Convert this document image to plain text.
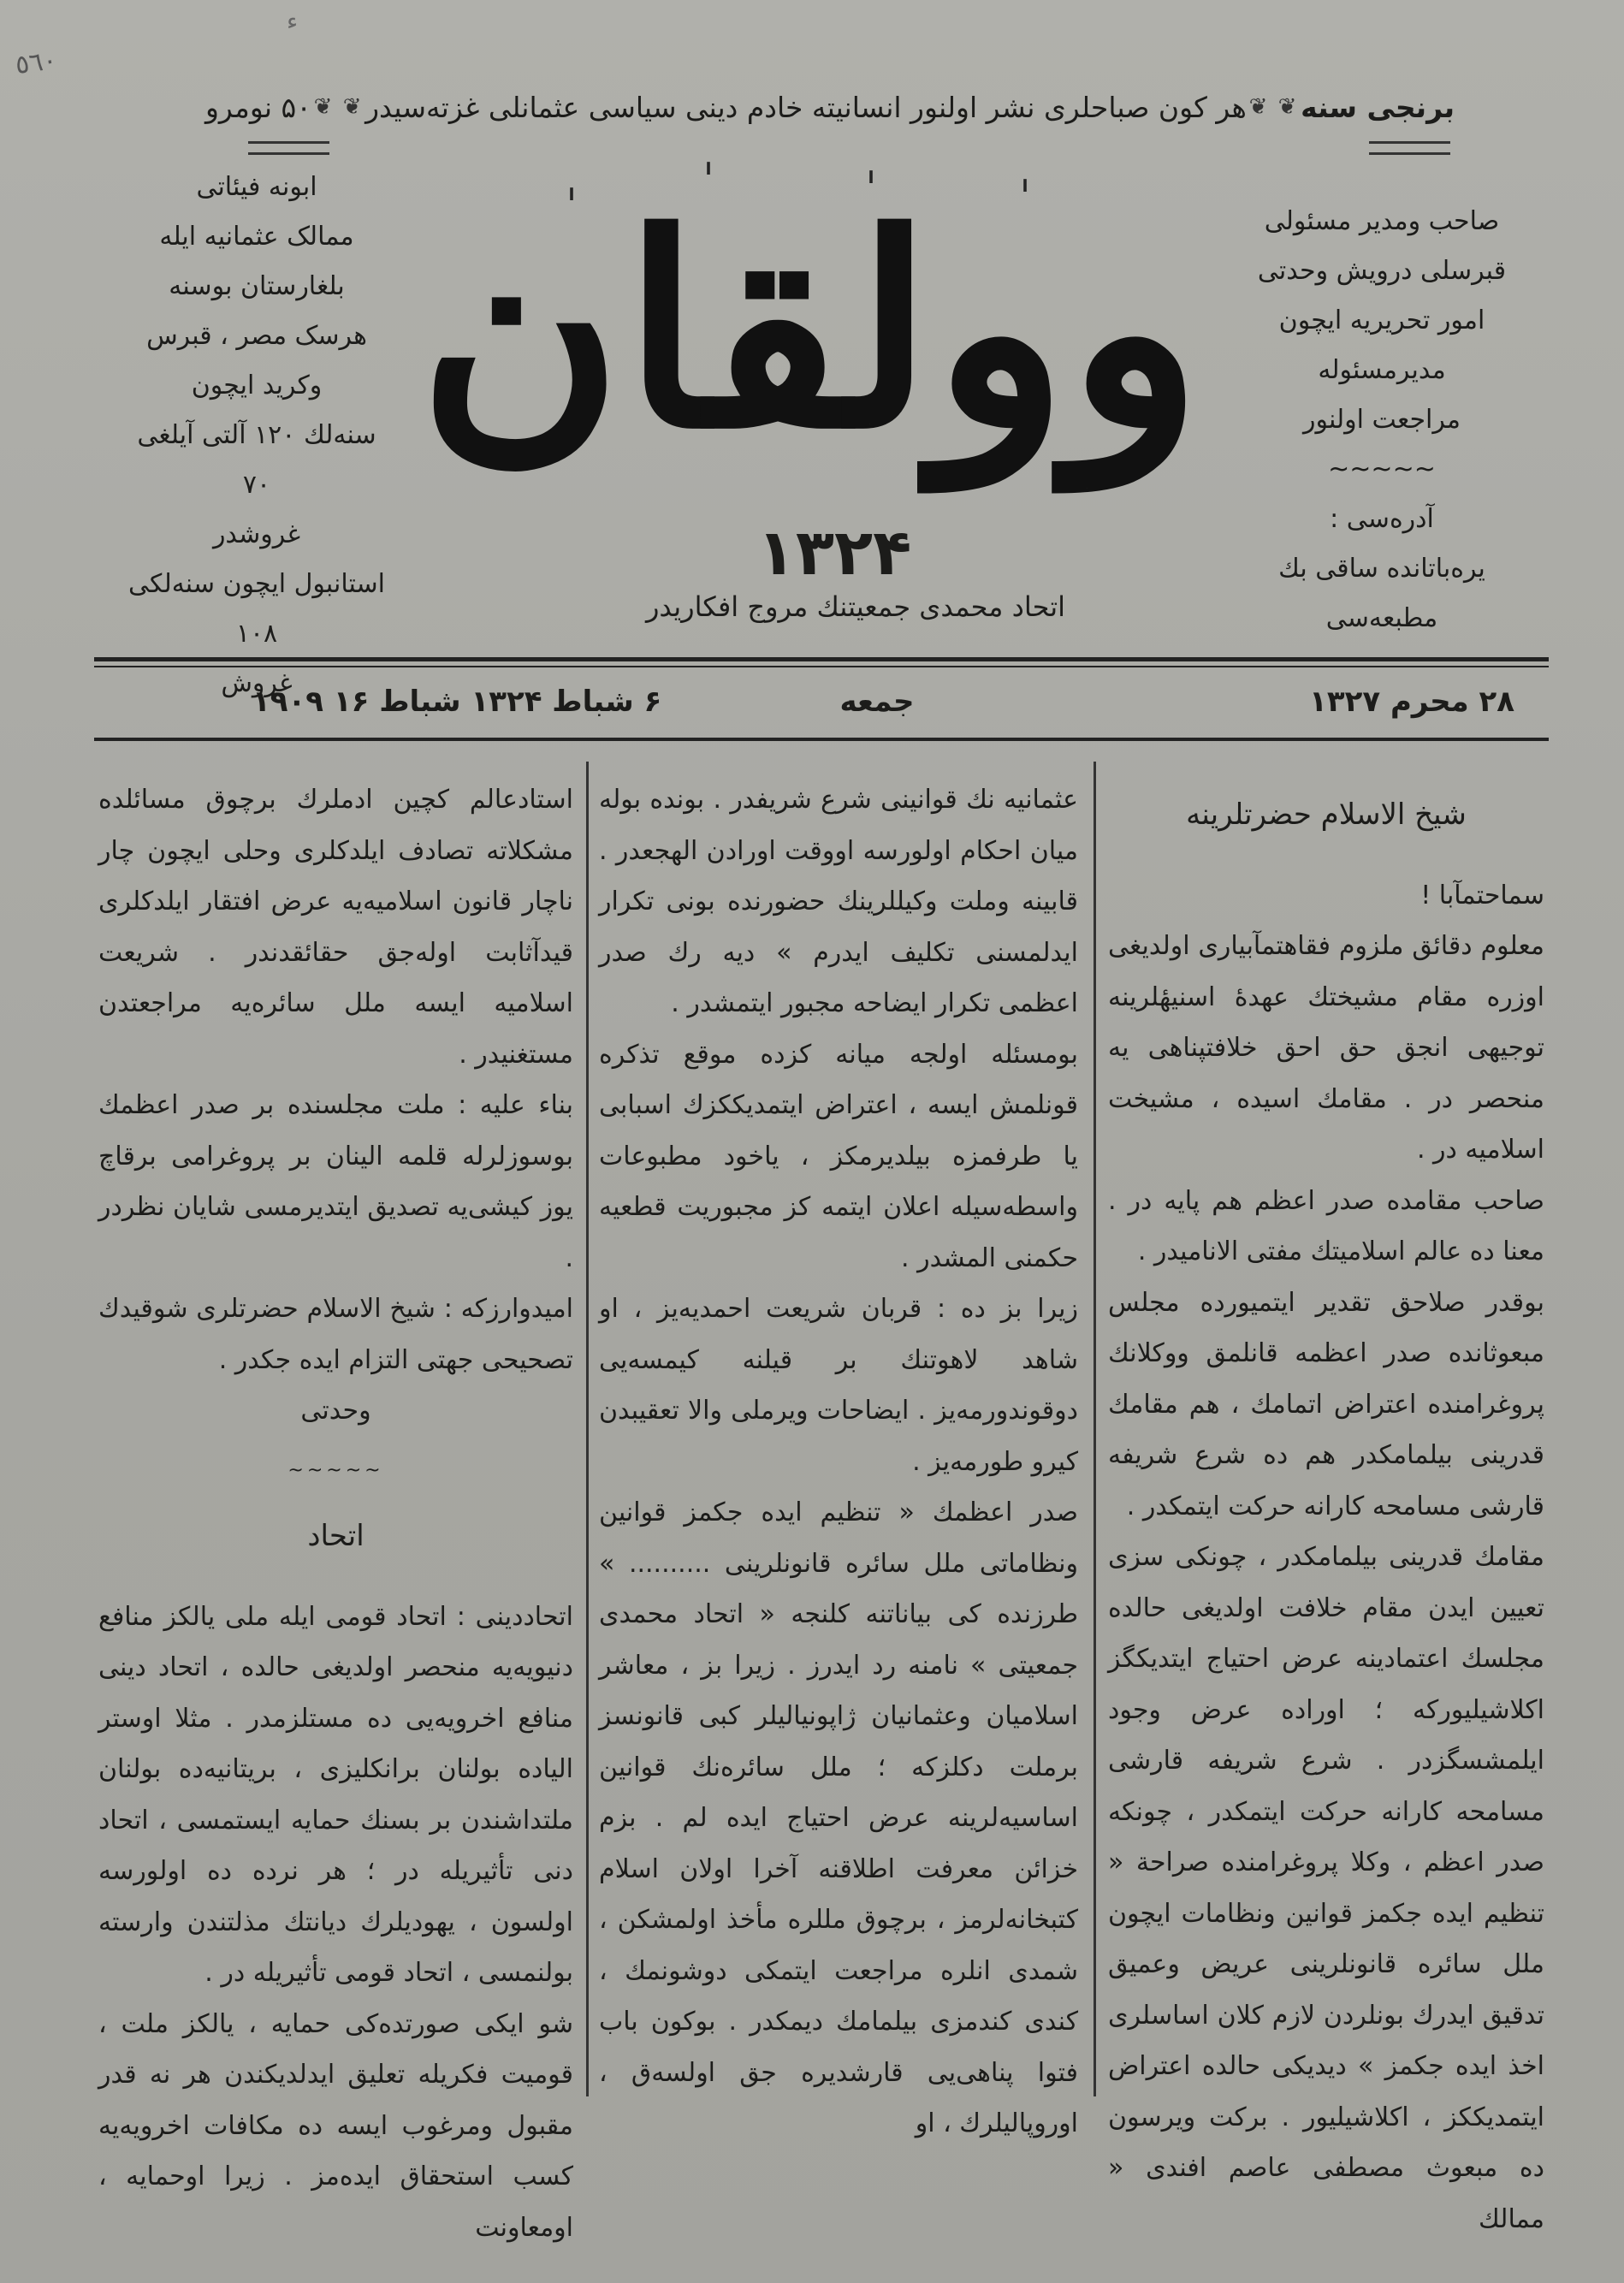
٥٦٠
ﺀ
۵۰ نومرو ❦ ❦ هر کون صباحلری نشر اولنور انسانیته خادم دینی سیاسی عثمانلی غزته‌سیدر ❦ ❦ برنجی سنه
ابونه فیئاتی
ممالک عثمانیه ایله بلغارستان بوسنه
هرسک مصر ، قبرس
وکرید ایچون
سنه‌لك ۱۲۰ آلتی آیلغی ۷۰
غروشدر
استانبول ایچون سنه‌لکی ۱۰۸
غروش
وولقان
۱۳۲۴
اتحاد محمدی جمعیتنك مروج افکاریدر
صاحب ومدیر مسئولی
قبرسلی درویش وحدتی
امور تحریریه ایچون مدیرمسئوله
مراجعت اولنور
~~~~~
آدره‌سی :
یره‌باتانده ساقی بك مطبعه‌سی
۲۸ محرم ۱۳۲۷
جمعه
۶ شباط ۱۳۲۴ شباط ۱۶ ۱۹۰۹
شیخ الاسلام حضرتلرینه

سماحتمآبا !

معلوم دقائق ملزوم فقاهتمآبیاری اولدیغی اوزره مقام مشیختك عهدهٔ اسنیهٔلرینه توجیهی انجق حق احق خلافتپناهی یه منحصر در . مقامك اسیده ، مشیخت اسلامیه در .

صاحب مقامده صدر اعظم هم پایه در . معنا ده عالم اسلامیتك مفتی الانامیدر .

بوقدر صلاحق تقدیر ایتمیورده مجلس مبعوثانده صدر اعظمه قانلمق ووکلانك پروغرامنده اعتراض اتمامك ، هم مقامك قدرینی بیلمامکدر هم ده شرع شریفه قارشی مسامحه کارانه حرکت ایتمکدر .

مقامك قدرینی بیلمامکدر ، چونکی سزی تعیین ایدن مقام خلافت اولدیغی حالده مجلسك اعتمادینه عرض احتیاج ایتدیکگز اکلاشیلیورکه ؛ اوراده عرض وجود ایلمشسگزدر . شرع شریفه قارشی مسامحه کارانه حرکت ایتمکدر ، چونکه صدر اعظم ، وکلا پروغرامنده صراحة « تنظیم ایده جکمز قوانین ونظامات ایچون ملل سائره قانونلرینی عریض وعمیق تدقیق ایدرك بونلردن لازم کلان اساسلری اخذ ایده جکمز » دیدیکی حالده اعتراض ایتمدیککز ، اکلاشیلیور . برکت ویرسون ده مبعوث مصطفی عاصم افندی « ممالك

عثمانیه نك قوانینی شرع شریفدر . بونده بوله میان احکام اولورسه اووقت اورادن الهجعدر . قابینه وملت وکیللرینك حضورنده بونی تکرار ایدلمسنی تکلیف ایدرم » دیه رك صدر اعظمی تکرار ایضاحه مجبور ایتمشدر .

بومسئله اولجه میانه کزده موقع تذکره قونلمش ایسه ، اعتراض ایتمدیککزك اسبابی یا طرفمزه بیلدیرمکز ، یاخود مطبوعات واسطه‌سیله اعلان ایتمه کز مجبوریت قطعیه حکمنی المشدر .

زیرا بز ده : قربان شریعت احمدیه‌یز ، او شاهد لاهوتنك بر قیلنه کیمسه‌یی دوقوندورمه‌یز . ایضاحات ویرملی والا تعقیبدن کیرو طورمه‌یز .

صدر اعظمك « تنظیم ایده جکمز قوانین ونظاماتی ملل سائره قانونلرینی .......... » طرزنده کی بیاناتنه کلنجه « اتحاد محمدی جمعیتی » نامنه رد ایدرز . زیرا بز ، معاشر اسلامیان وعثمانیان ژاپونیالیلر کبی قانونسز برملت دکلزکه ؛ ملل سائره‌نك قوانین اساسیه‌لرینه عرض احتیاج ایده لم . بزم خزائن معرفت اطلاقنه آخرا اولان اسلام کتبخانه‌لرمز ، برچوق مللره مأخذ اولمشکن ، شمدی انلره مراجعت ایتمکی دوشونمك ، کندی کندمزی بیلمامك دیمکدر . بوکون باب فتوا پناهی‌یی قارشدیره جق اولسه‌ق ، اوروپالیلرك ، او

استادعالم کچین ادملرك برچوق مسائلده مشکلاته تصادف ایلدکلری وحلی ایچون چار ناچار قانون اسلامیه‌یه عرض افتقار ایلدکلری قیدآثابت اوله‌جق حقائقدندر . شریعت اسلامیه ایسه ملل سائره‌یه مراجعتدن مستغنیدر .

بناء علیه : ملت مجلسنده بر صدر اعظمك بوسوزلرله قلمه الینان بر پروغرامی برقاچ یوز کیشی‌یه تصدیق ایتدیرمسی شایان نظردر .

امیدوارزکه : شیخ الاسلام حضرتلری شوقیدك تصحیحی جهتی التزام ایده جکدر .

وحدتی

~~~~~
اتحاد

اتحاددینی : اتحاد قومی ایله ملی یالکز منافع دنیویه‌یه منحصر اولدیغی حالده ، اتحاد دینی منافع اخرویه‌یی ده مستلزمدر . مثلا اوستر الیاده بولنان برانکلیزی ، بریتانیه‌ده بولنان ملتداشندن بر بسنك حمایه ایستمسی ، اتحاد دنی تأثیریله در ؛ هر نرده ده اولورسه اولسون ، یهودیلرك دیانتك مذلتندن وارسته بولنمسی ، اتحاد قومی تأثیریله در .

شو ایکی صورتده‌کی حمایه ، یالکز ملت ، قومیت فکریله تعلیق ایدلدیکندن هر نه قدر مقبول ومرغوب ایسه ده مکافات اخرویه‌یه کسب استحقاق ایده‌مز . زیرا اوحمایه ، اومعاونت
